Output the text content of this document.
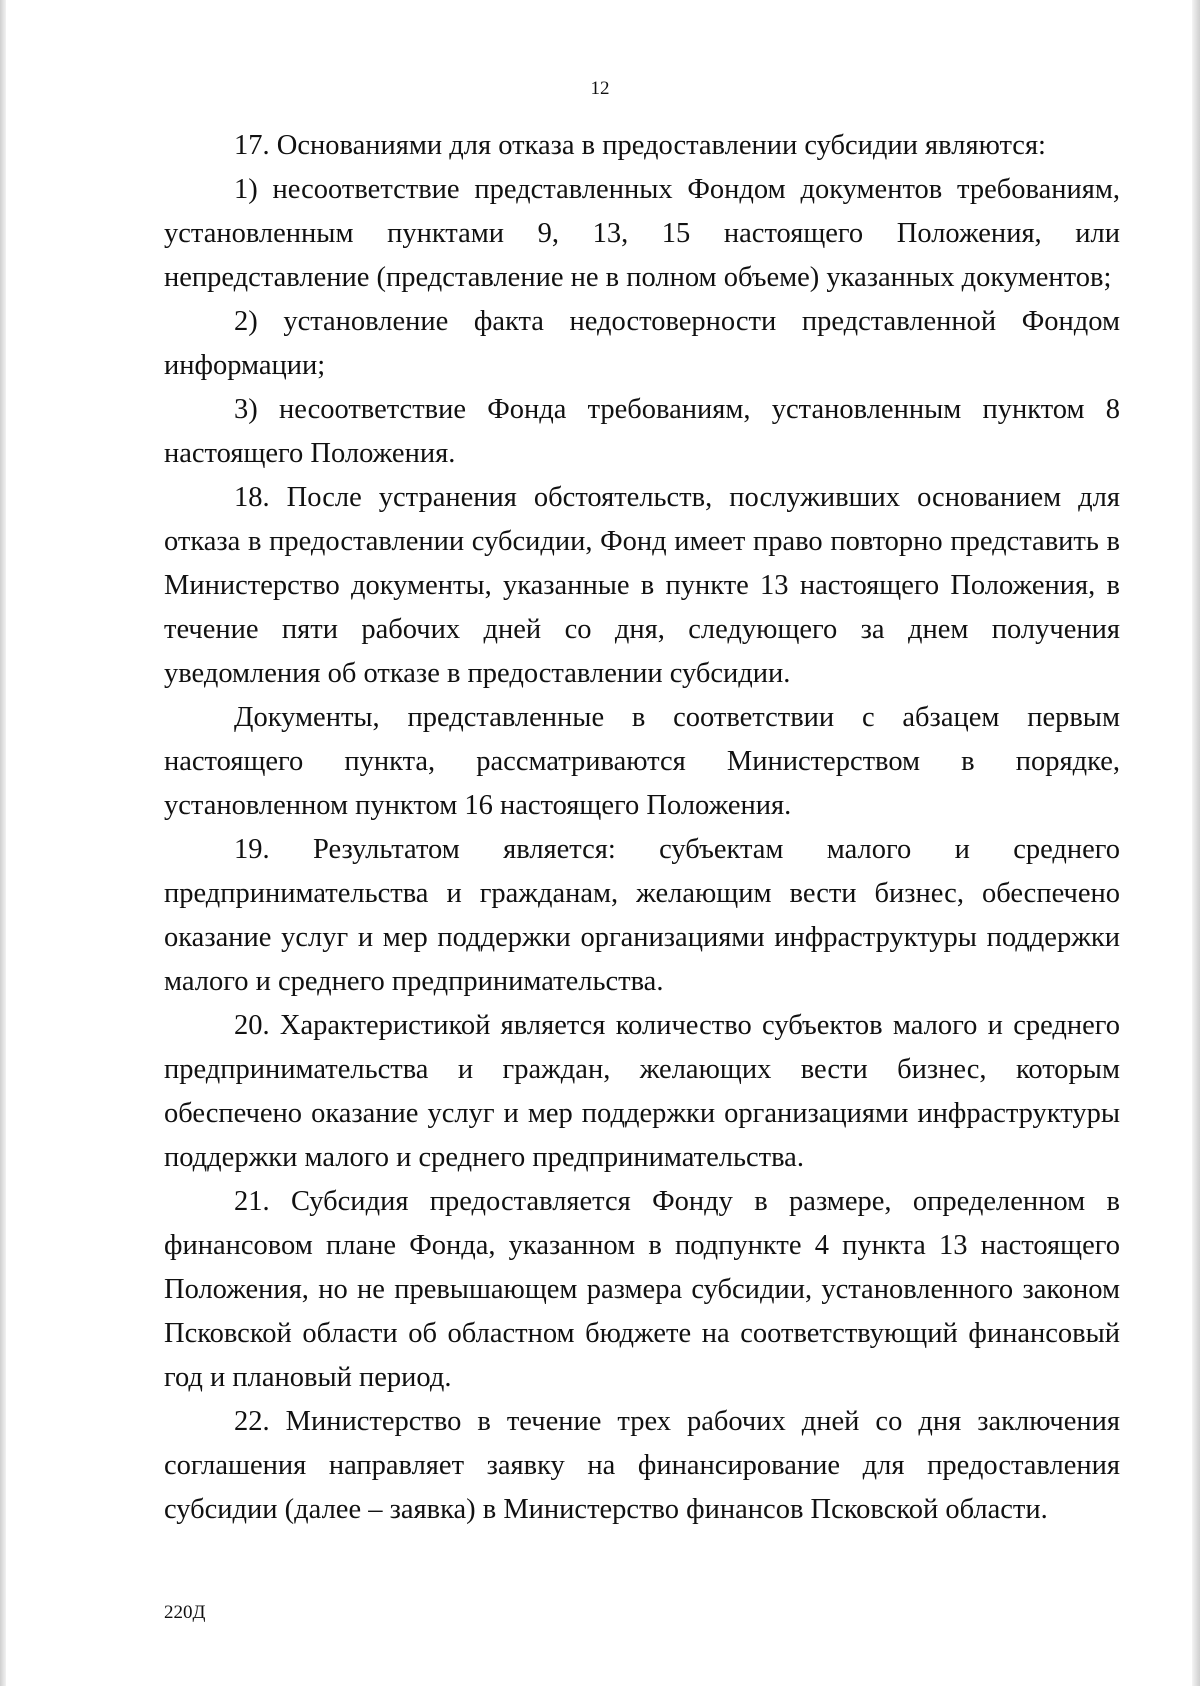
12

17. Основаниями для отказа в предоставлении субсидии являются:

1) несоответствие представленных Фондом документов требованиям, установленным пунктами 9, 13, 15 настоящего Положения, или непредставление (представление не в полном объеме) указанных документов;

2) установление факта недостоверности представленной Фондом информации;

3) несоответствие Фонда требованиям, установленным пунктом 8 настоящего Положения.

18. После устранения обстоятельств, послуживших основанием для отказа в предоставлении субсидии, Фонд имеет право повторно представить в Министерство документы, указанные в пункте 13 настоящего Положения, в течение пяти рабочих дней со дня, следующего за днем получения уведомления об отказе в предоставлении субсидии.

Документы, представленные в соответствии с абзацем первым настоящего пункта, рассматриваются Министерством в порядке, установленном пунктом 16 настоящего Положения.

19. Результатом является: субъектам малого и среднего предпринимательства и гражданам, желающим вести бизнес, обеспечено оказание услуг и мер поддержки организациями инфраструктуры поддержки малого и среднего предпринимательства.

20. Характеристикой является количество субъектов малого и среднего предпринимательства и граждан, желающих вести бизнес, которым обеспечено оказание услуг и мер поддержки организациями инфраструктуры поддержки малого и среднего предпринимательства.

21. Субсидия предоставляется Фонду в размере, определенном в финансовом плане Фонда, указанном в подпункте 4 пункта 13 настоящего Положения, но не превышающем размера субсидии, установленного законом Псковской области об областном бюджете на соответствующий финансовый год и плановый период.

22. Министерство в течение трех рабочих дней со дня заключения соглашения направляет заявку на финансирование для предоставления субсидии (далее – заявка) в Министерство финансов Псковской области.

220Д
